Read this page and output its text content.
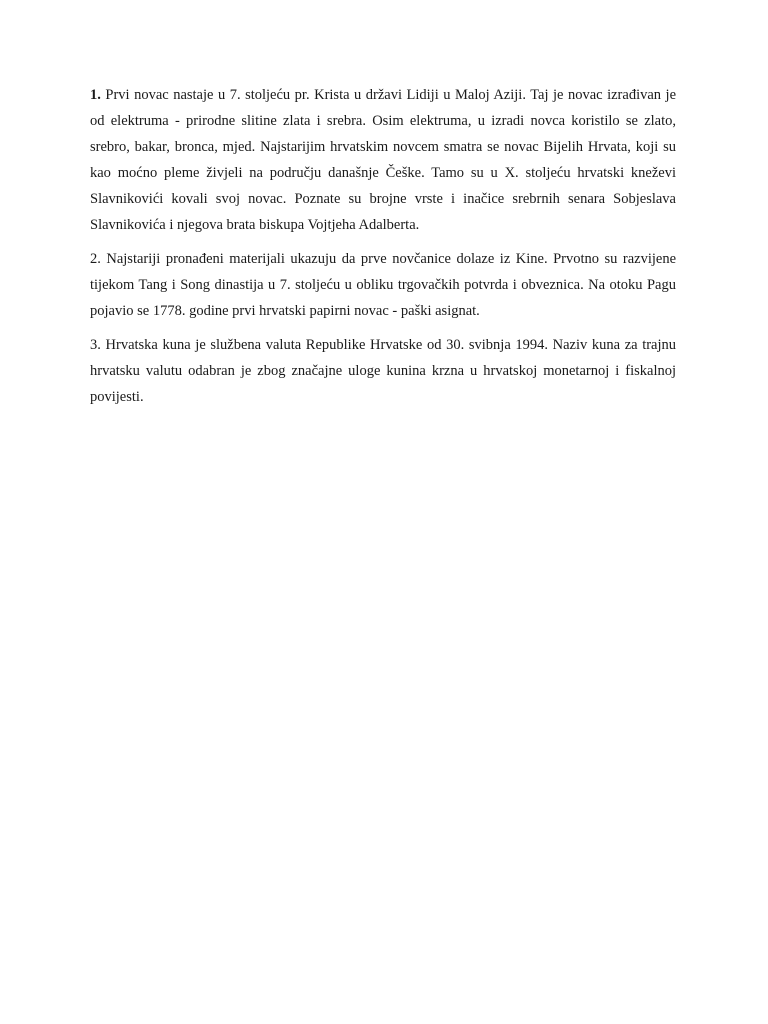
1. Prvi novac nastaje u 7. stoljeću pr. Krista u državi Lidiji u Maloj Aziji. Taj je novac izrađivan je od elektruma - prirodne slitine zlata i srebra. Osim elektruma, u izradi novca koristilo se zlato, srebro, bakar, bronca, mjed. Najstarijim hrvatskim novcem smatra se novac Bijelih Hrvata, koji su kao moćno pleme živjeli na području današnje Češke. Tamo su u X. stoljeću hrvatski kneževi Slavnikovići kovali svoj novac. Poznate su brojne vrste i inačice srebrnih senara Sobjeslava Slavnikovića i njegova brata biskupa Vojtjeha Adalberta.

2. Najstariji pronađeni materijali ukazuju da prve novčanice dolaze iz Kine. Prvotno su razvijene tijekom Tang i Song dinastija u 7. stoljeću u obliku trgovačkih potvrda i obveznica. Na otoku Pagu pojavio se 1778. godine prvi hrvatski papirni novac - paški asignat.

3. Hrvatska kuna je službena valuta Republike Hrvatske od 30. svibnja 1994. Naziv kuna za trajnu hrvatsku valutu odabran je zbog značajne uloge kunina krzna u hrvatskoj monetarnoj i fiskalnoj povijesti.
